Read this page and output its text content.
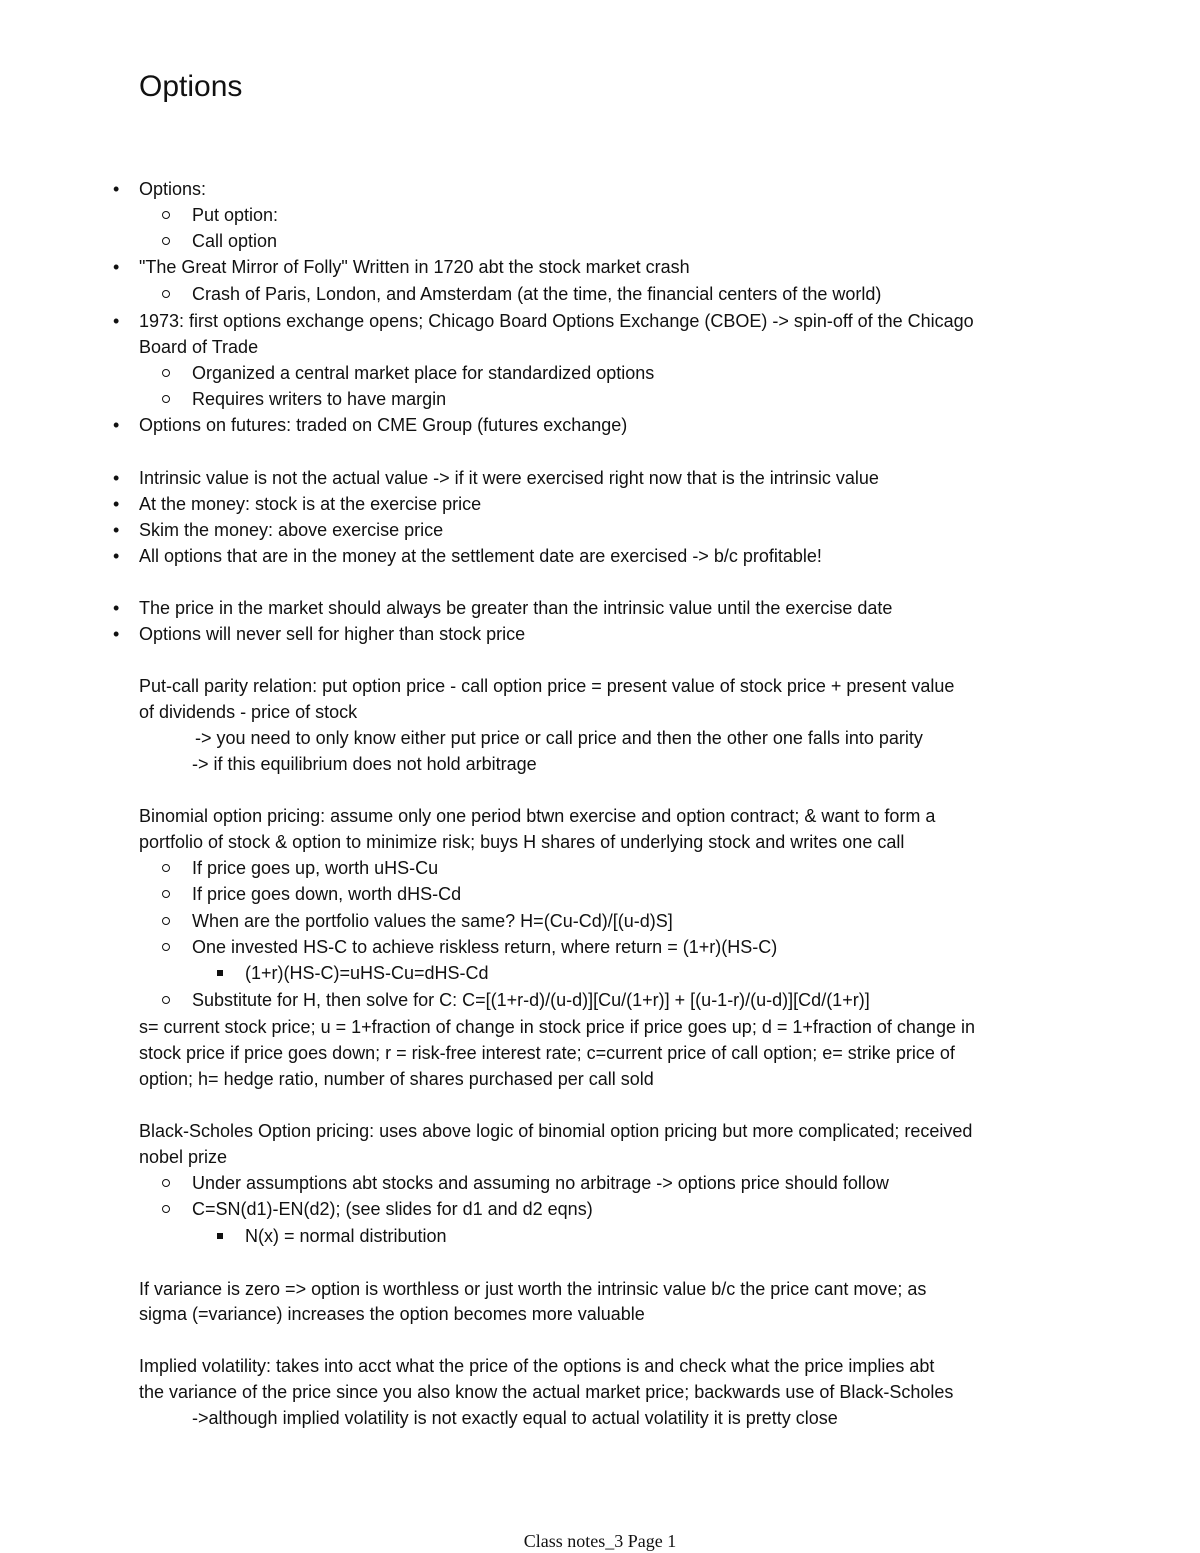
Options
• Options:
Put option:
Call option
• "The Great Mirror of Folly" Written in 1720 abt the stock market crash
Crash of Paris, London, and Amsterdam (at the time, the financial centers of the world)
• 1973: first options exchange opens; Chicago Board Options Exchange (CBOE) -> spin-off of the Chicago
Board of Trade
Organized a central market place for standardized options
Requires writers to have margin
• Options on futures: traded on CME Group (futures exchange)
• Intrinsic value is not the actual value -> if it were exercised right now that is the intrinsic value
• At the money: stock is at the exercise price
• Skim the money: above exercise price
• All options that are in the money at the settlement date are exercised -> b/c profitable!
• The price in the market should always be greater than the intrinsic value until the exercise date
• Options will never sell for higher than stock price
Put-call parity relation: put option price - call option price = present value of stock price + present value
of dividends - price of stock
-> you need to only know either put price or call price and then the other one falls into parity
-> if this equilibrium does not hold arbitrage
Binomial option pricing: assume only one period btwn exercise and option contract; & want to form a
portfolio of stock & option to minimize risk; buys H shares of underlying stock and writes one call
If price goes up, worth uHS-Cu
If price goes down, worth dHS-Cd
When are the portfolio values the same? H=(Cu-Cd)/[(u-d)S]
One invested HS-C to achieve riskless return, where return = (1+r)(HS-C)
(1+r)(HS-C)=uHS-Cu=dHS-Cd
Substitute for H, then solve for C: C=[(1+r-d)/(u-d)][Cu/(1+r)] + [(u-1-r)/(u-d)][Cd/(1+r)]
s= current stock price; u = 1+fraction of change in stock price if price goes up; d = 1+fraction of change in
stock price if price goes down; r = risk-free interest rate; c=current price of call option; e= strike price of
option; h= hedge ratio, number of shares purchased per call sold
Black-Scholes Option pricing: uses above logic of binomial option pricing but more complicated; received
nobel prize
Under assumptions abt stocks and assuming no arbitrage -> options price should follow
C=SN(d1)-EN(d2); (see slides for d1 and d2 eqns)
N(x) = normal distribution
If variance is zero => option is worthless or just worth the intrinsic value b/c the price cant move; as
sigma (=variance) increases the option becomes more valuable
Implied volatility: takes into acct what the price of the options is and check what the price implies abt
the variance of the price since you also know the actual market price; backwards use of Black-Scholes
->although implied volatility is not exactly equal to actual volatility it is pretty close
Class notes_3 Page 1
